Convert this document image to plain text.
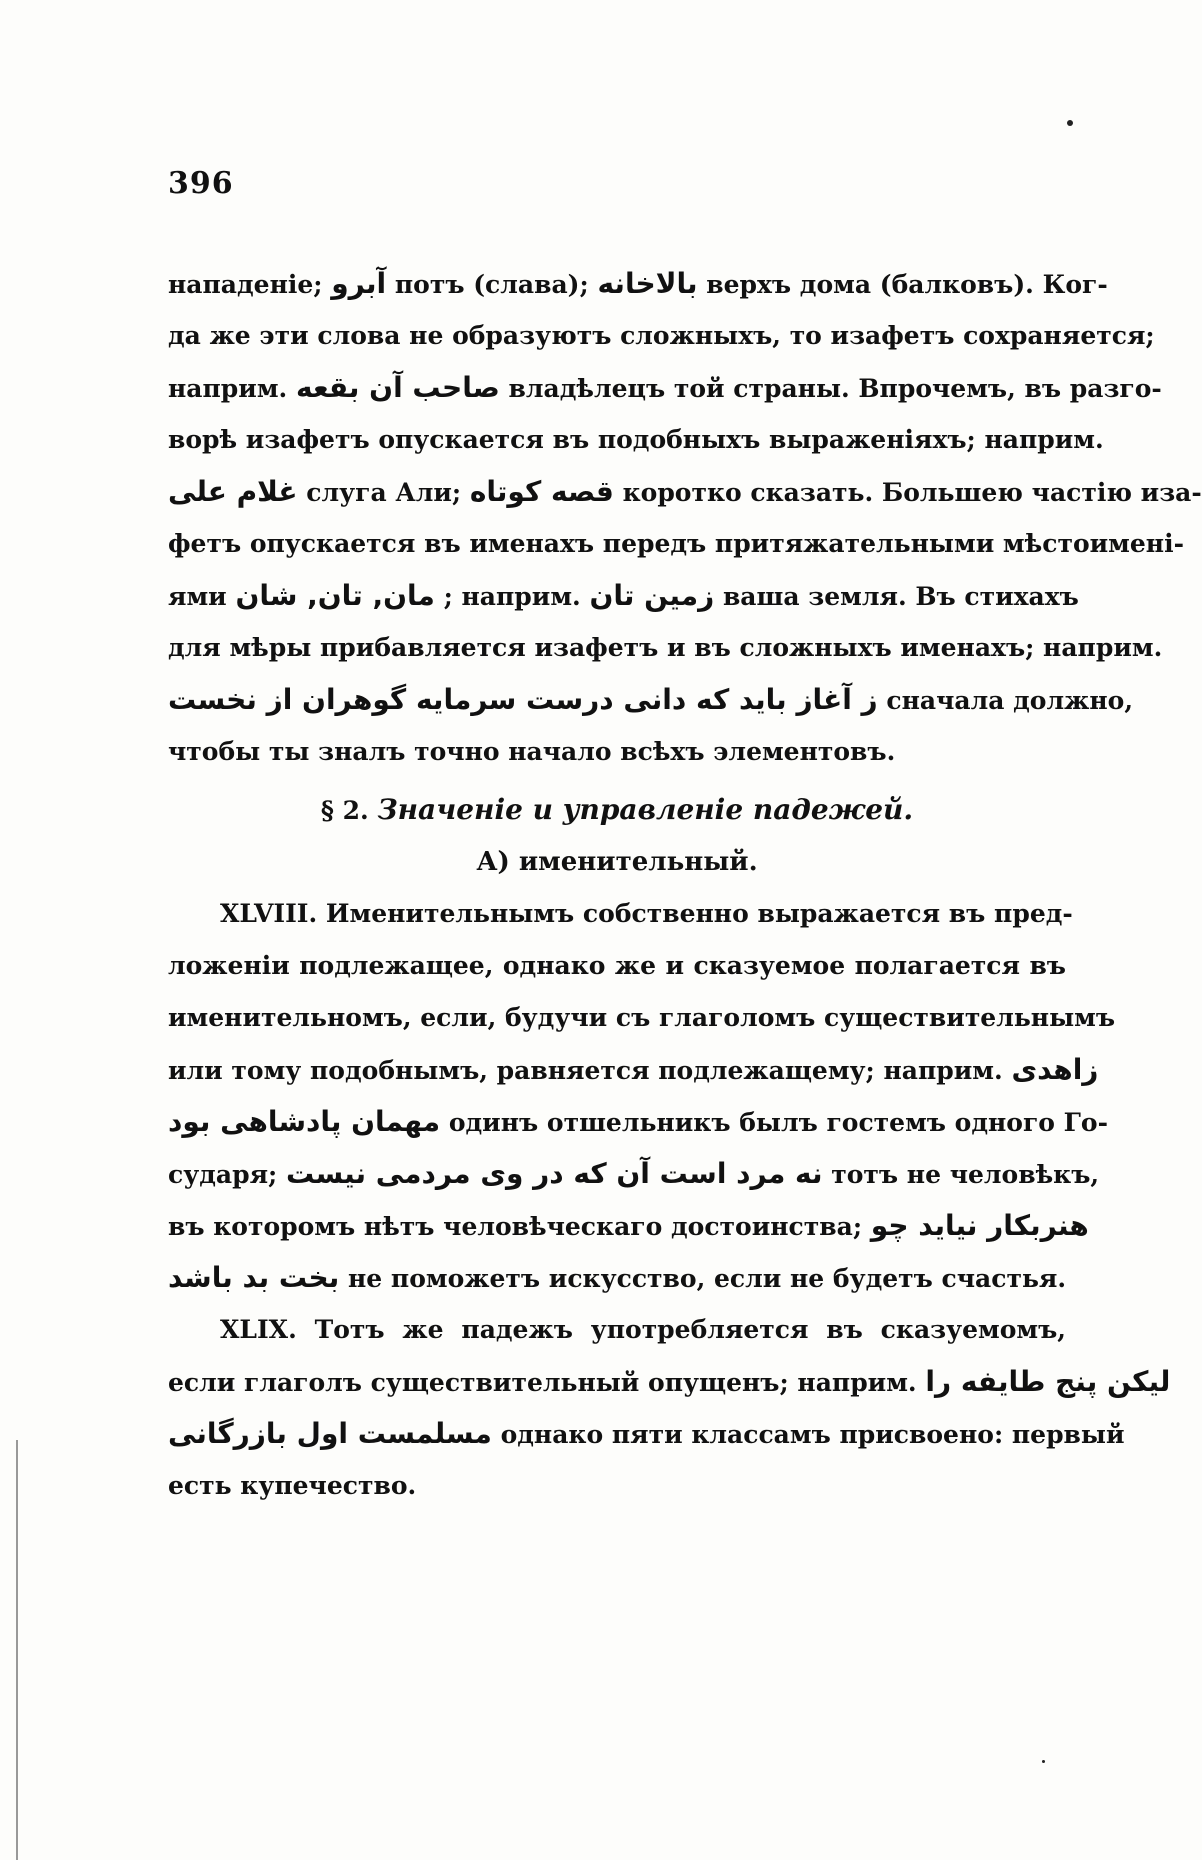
396
нападеніе; آبرو потъ (слава); بالاخانه верхъ дома (балковъ). Ког-
да же эти слова не образуютъ сложныхъ, то изафетъ сохраняется;
наприм. صاحب آن بقعه владѣлецъ той страны. Впрочемъ, въ разго-
ворѣ изафетъ опускается въ подобныхъ выраженіяхъ; наприм.
غلام علی слуга Али; قصه کوتاه коротко сказать. Большею частію иза-
фетъ опускается въ именахъ передъ притяжательными мѣстоимені-
ями مان, تان, شان ; наприм. زمین تان ваша земля. Въ стихахъ
для мѣры прибавляется изафетъ и въ сложныхъ именахъ; наприм.
ز آغاز باید که دانی درست سرمایه گوهران از نخست сначала должно,
чтобы ты зналъ точно начало всѣхъ элементовъ.
§ 2. Значеніе и управленіе падежей.
А) именительный.
XLVIII. Именительнымъ собственно выражается въ пред-
ложеніи подлежащее, однако же и сказуемое полагается въ
именительномъ, если, будучи съ глаголомъ существительнымъ
или тому подобнымъ, равняется подлежащему; наприм. زاهدی
مهمان پادشاهی بود одинъ отшельникъ былъ гостемъ одного Го-
сударя; نه مرد است آن که در وی مردمی نیست тотъ не человѣкъ,
въ которомъ нѣтъ человѣческаго достоинства; هنربکار نیاید چو
بخت بد باشد не поможетъ искусство, если не будетъ счастья.
XLIX. Тотъ же падежъ употребляется въ сказуемомъ,
если глаголъ существительный опущенъ; наприм. لیکن پنج طایفه را
مسلمست اول بازرگانی однако пяти классамъ присвоено: первый
есть купечество.
